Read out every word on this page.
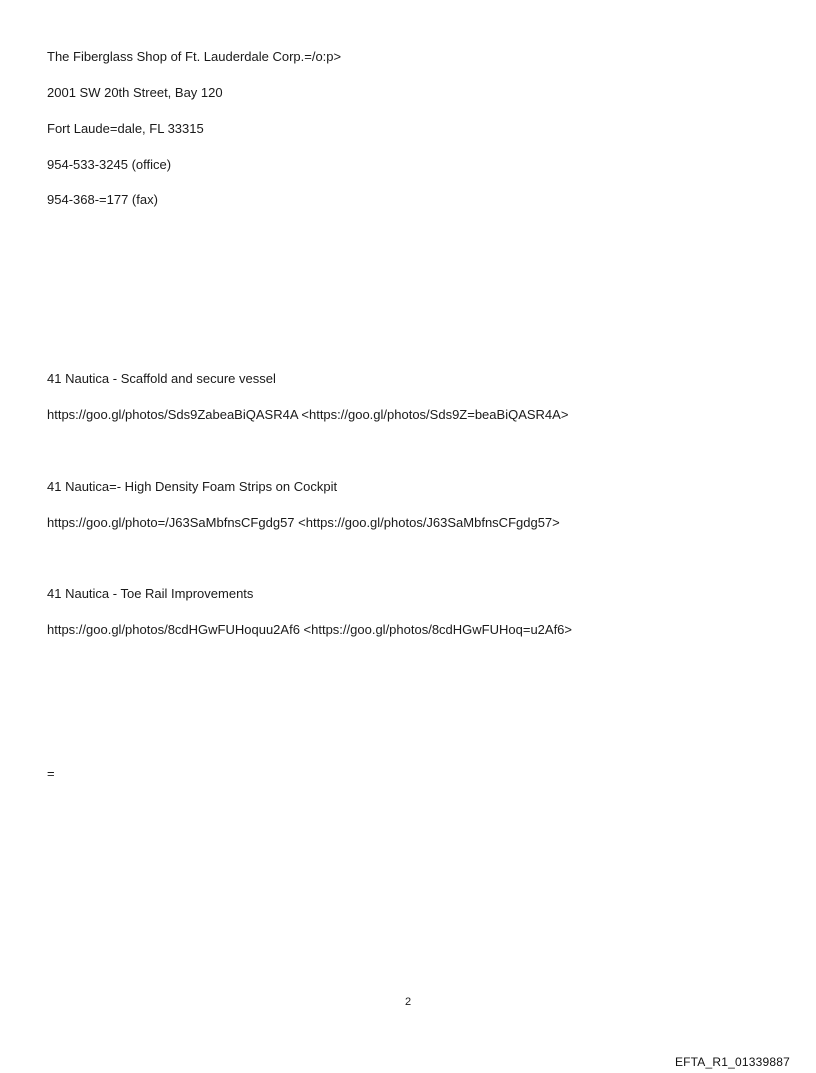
The Fiberglass Shop of Ft. Lauderdale Corp.=/o:p>
2001 SW 20th Street, Bay 120
Fort Laude=dale, FL 33315
954-533-3245 (office)
954-368-=177 (fax)
41 Nautica - Scaffold and secure vessel
https://goo.gl/photos/Sds9ZabeaBiQASR4A <https://goo.gl/photos/Sds9Z=beaBiQASR4A>
41 Nautica=- High Density Foam Strips on Cockpit
https://goo.gl/photo=/J63SaMbfnsCFgdg57 <https://goo.gl/photos/J63SaMbfnsCFgdg57>
41 Nautica - Toe Rail Improvements
https://goo.gl/photos/8cdHGwFUHoquu2Af6 <https://goo.gl/photos/8cdHGwFUHoq=u2Af6>
=
2
EFTA_R1_01339887
